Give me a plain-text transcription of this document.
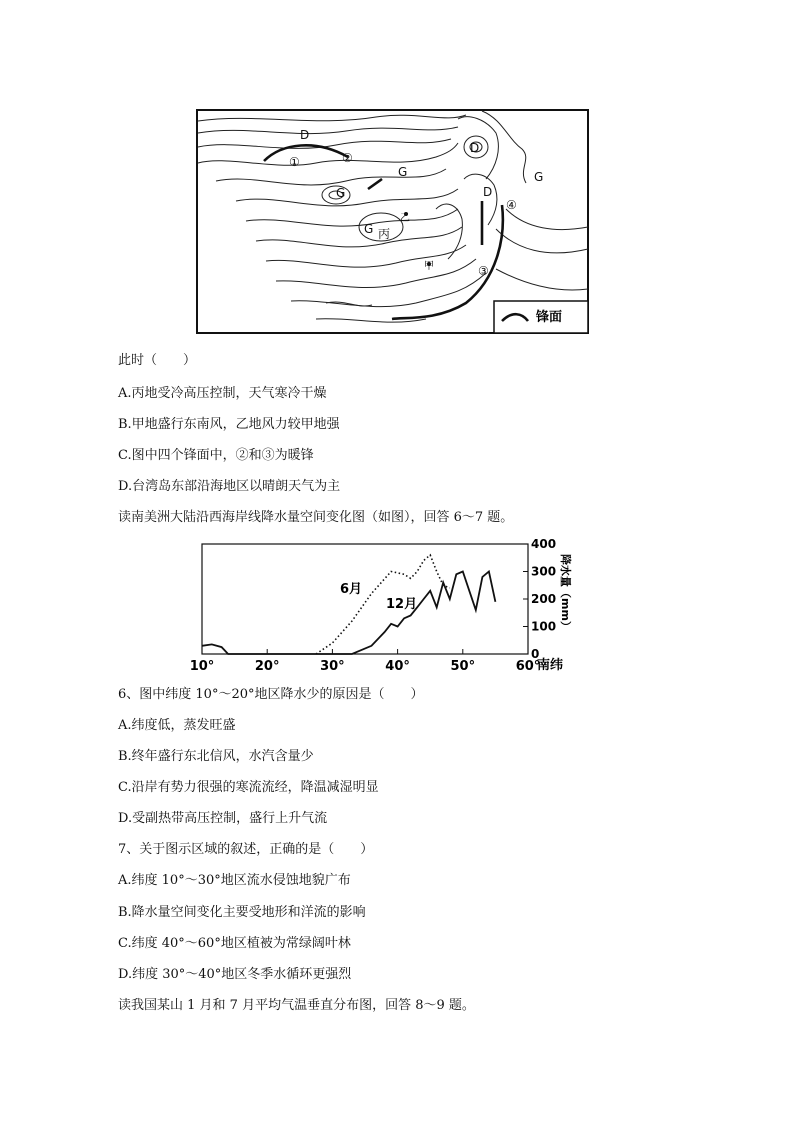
D
D
D
G
G	G
G 丙
乙
甲
①	②
③
④
锋面
此时（　　）
A.丙地受冷高压控制，天气寒冷干燥
B.甲地盛行东南风，乙地风力较甲地强
C.图中四个锋面中，②和③为暖锋
D.台湾岛东部沿海地区以晴朗天气为主
读南美洲大陆沿西海岸线降水量空间变化图（如图），回答 6～7 题。
10°	20°	30°	40°	50°	60°
0
100
200
300
400
南纬
降水量（mm）
6月
12月
6、图中纬度 10°～20°地区降水少的原因是（　　）
A.纬度低，蒸发旺盛
B.终年盛行东北信风，水汽含量少
C.沿岸有势力很强的寒流流经，降温减湿明显
D.受副热带高压控制，盛行上升气流
7、关于图示区域的叙述，正确的是（　　）
A.纬度 10°～30°地区流水侵蚀地貌广布
B.降水量空间变化主要受地形和洋流的影响
C.纬度 40°～60°地区植被为常绿阔叶林
D.纬度 30°～40°地区冬季水循环更强烈
读我国某山 1 月和 7 月平均气温垂直分布图，回答 8～9 题。
